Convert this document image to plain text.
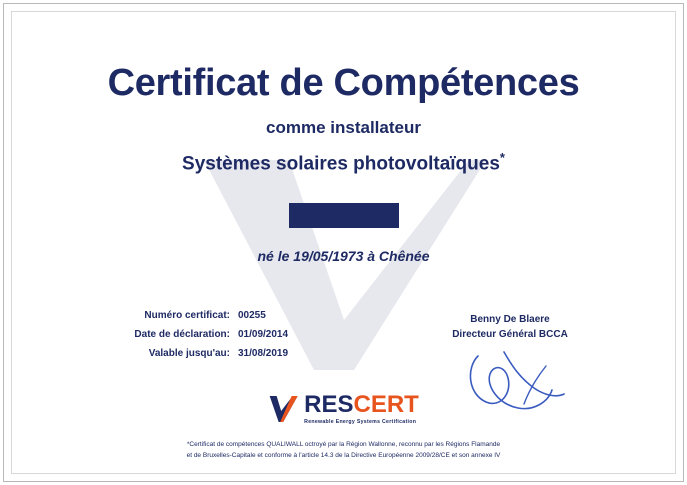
Certificat de Compétences
comme installateur
Systèmes solaires photovoltaïques*
né le 19/05/1973 à Chênée
Numéro certificat: 00255
Date de déclaration: 01/09/2014
Valable jusqu'au: 31/08/2019
Benny De Blaere
Directeur Général BCCA
RESCERT
Renewable Energy Systems Certification
*Certificat de compétences QUALIWALL octroyé par la Région Wallonne, reconnu par les Régions Flamande
et de Bruxelles-Capitale et conforme à l'article 14.3 de la Directive Européenne 2009/28/CE et son annexe IV
